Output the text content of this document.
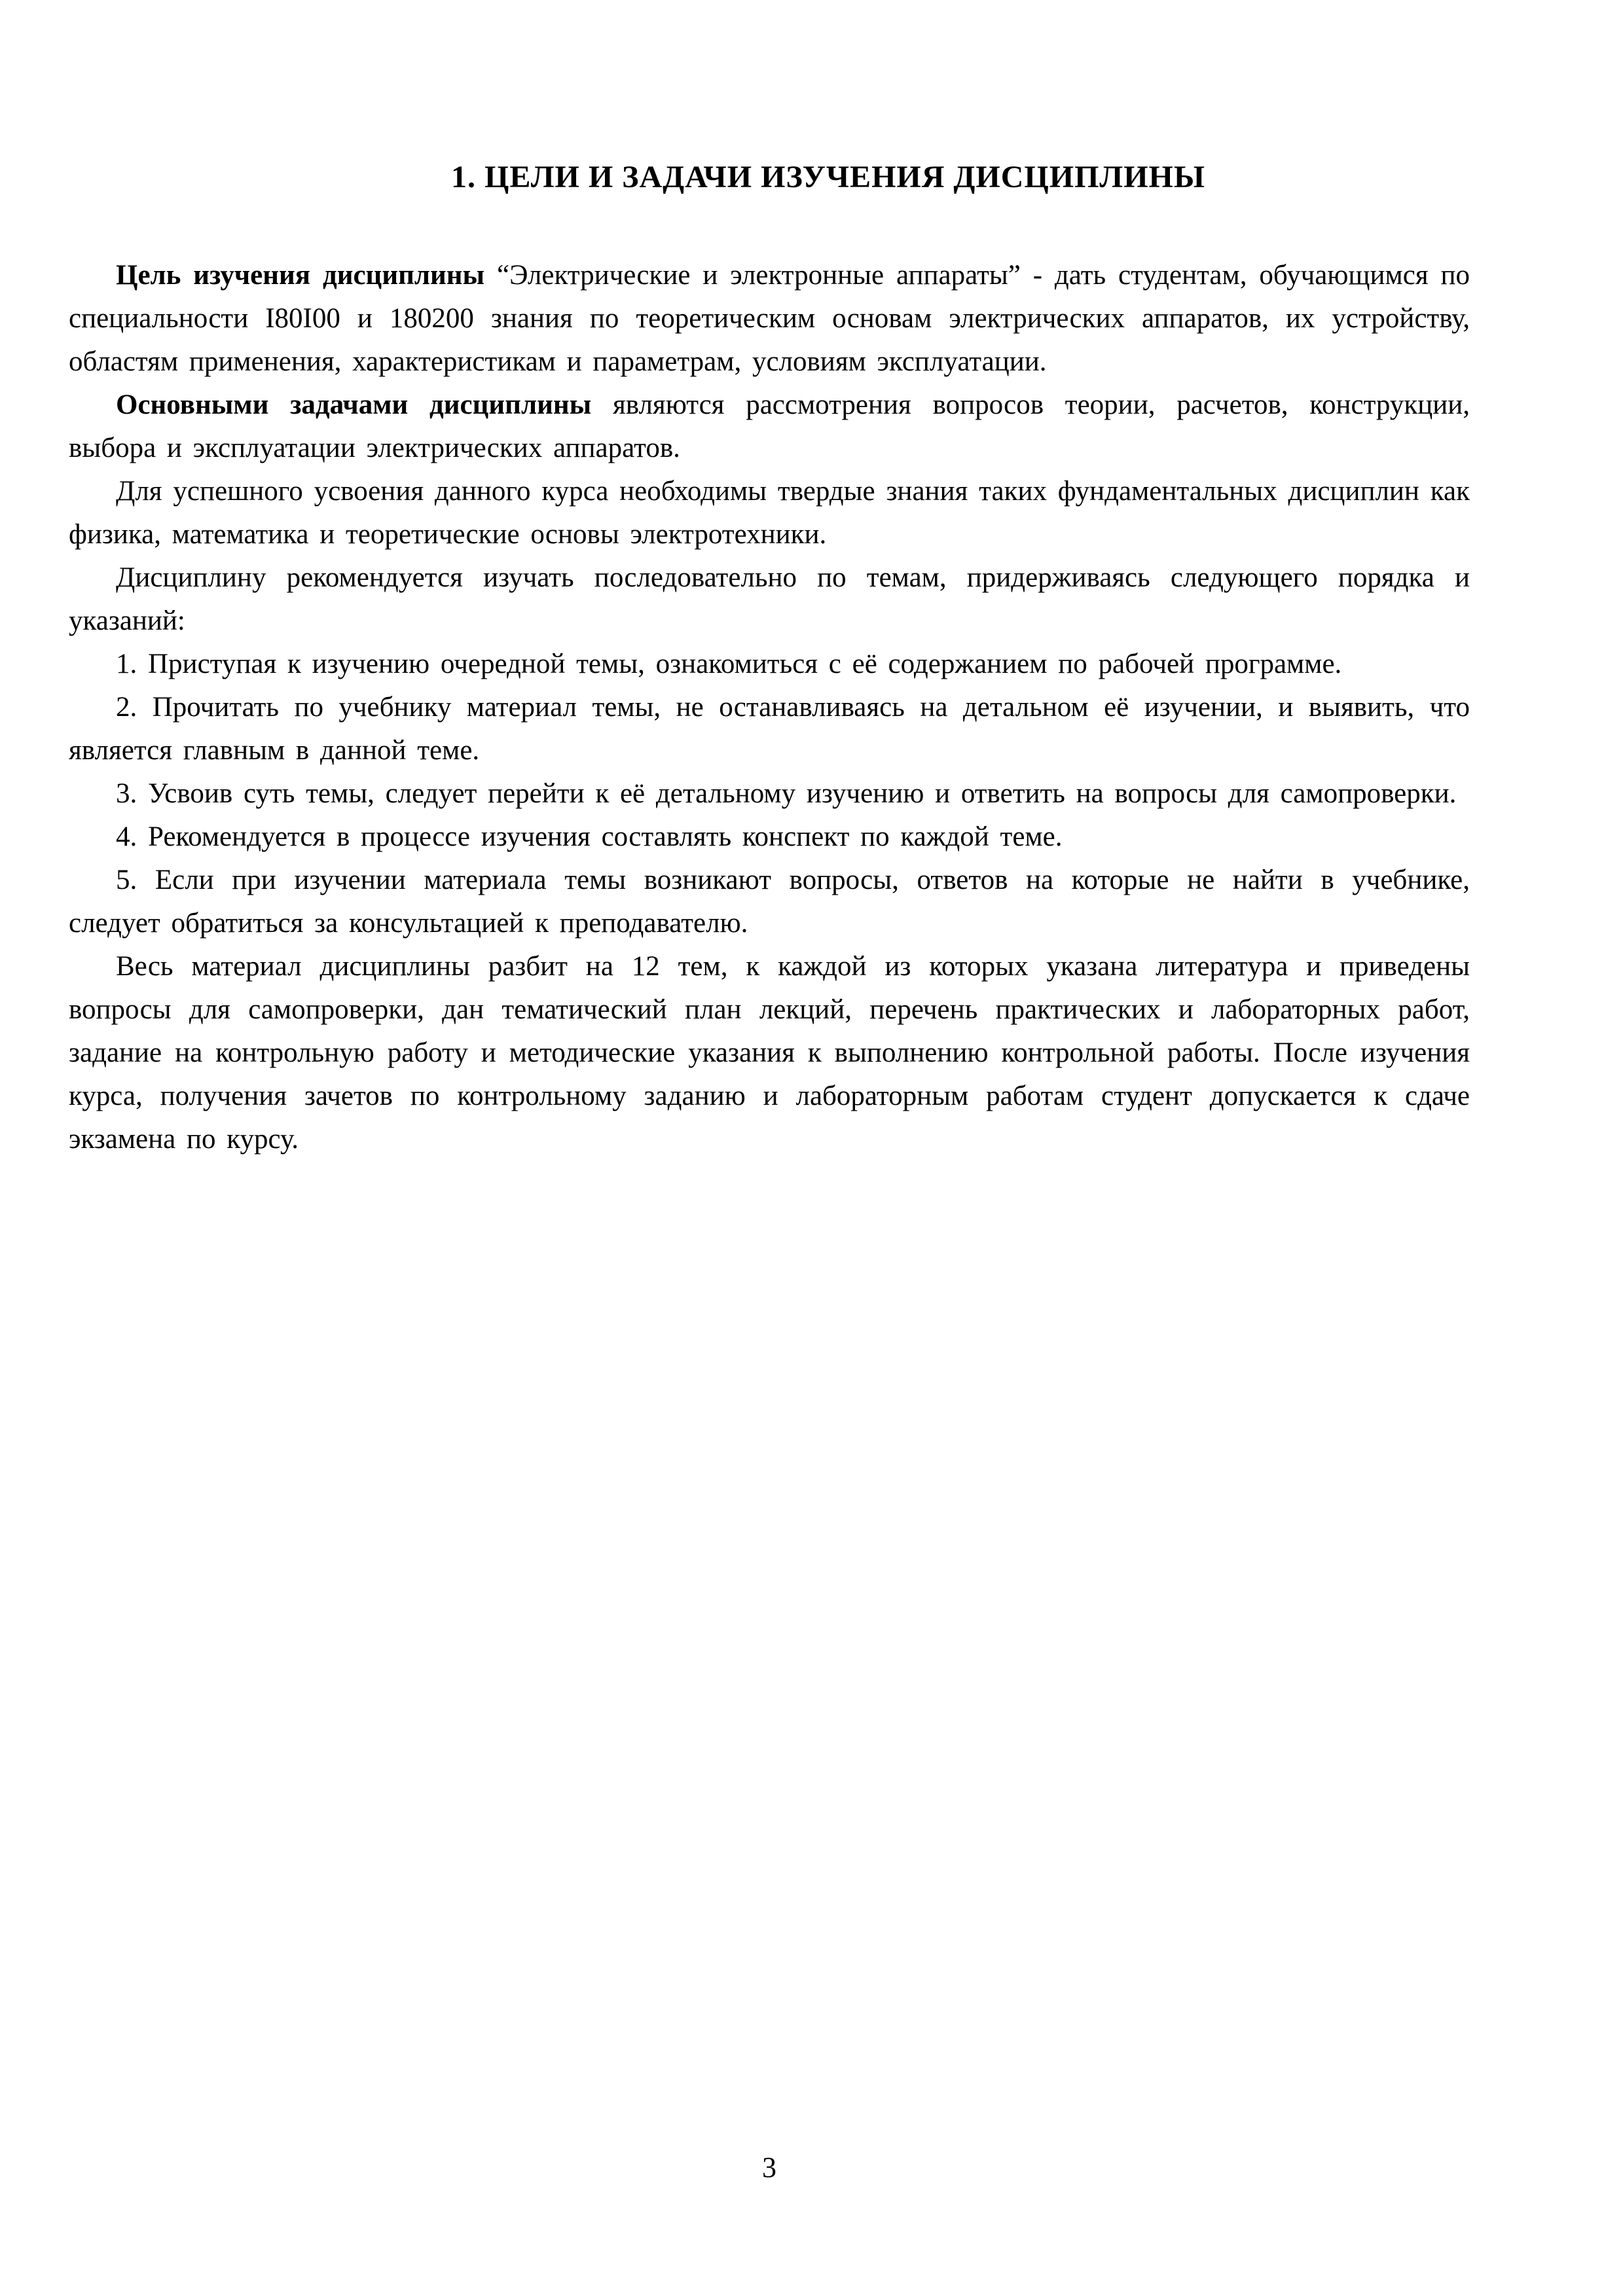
1. ЦЕЛИ И ЗАДАЧИ ИЗУЧЕНИЯ ДИСЦИПЛИНЫ

Цель изучения дисциплины “Электрические и электронные аппараты” - дать студентам, обучающимся по специальности I80I00 и 180200 знания по теоретическим основам электрических аппаратов, их устройству, областям применения, характеристикам и параметрам, условиям эксплуатации.

Основными задачами дисциплины являются рассмотрения вопросов теории, расчетов, конструкции, выбора и эксплуатации электрических аппаратов.

Для успешного усвоения данного курса необходимы твердые знания таких фундаментальных дисциплин как физика, математика и теоретические основы электротехники.

Дисциплину рекомендуется изучать последовательно по темам, придерживаясь следующего порядка и указаний:

1. Приступая к изучению очередной темы, ознакомиться с её содержанием по рабочей программе.

2. Прочитать по учебнику материал темы, не останавливаясь на детальном её изучении, и выявить, что является главным в данной теме.

3. Усвоив суть темы, следует перейти к её детальному изучению и ответить на вопросы для самопроверки.

4. Рекомендуется в процессе изучения составлять конспект по каждой теме.

5. Если при изучении материала темы возникают вопросы, ответов на которые не найти в учебнике, следует обратиться за консультацией к преподавателю.

Весь материал дисциплины разбит на 12 тем, к каждой из которых указана литература и приведены вопросы для самопроверки, дан тематический план лекций, перечень практических и лабораторных работ, задание на контрольную работу и методические указания к выполнению контрольной работы. После изучения курса, получения зачетов по контрольному заданию и лабораторным работам студент допускается к сдаче экзамена по курсу.

3
